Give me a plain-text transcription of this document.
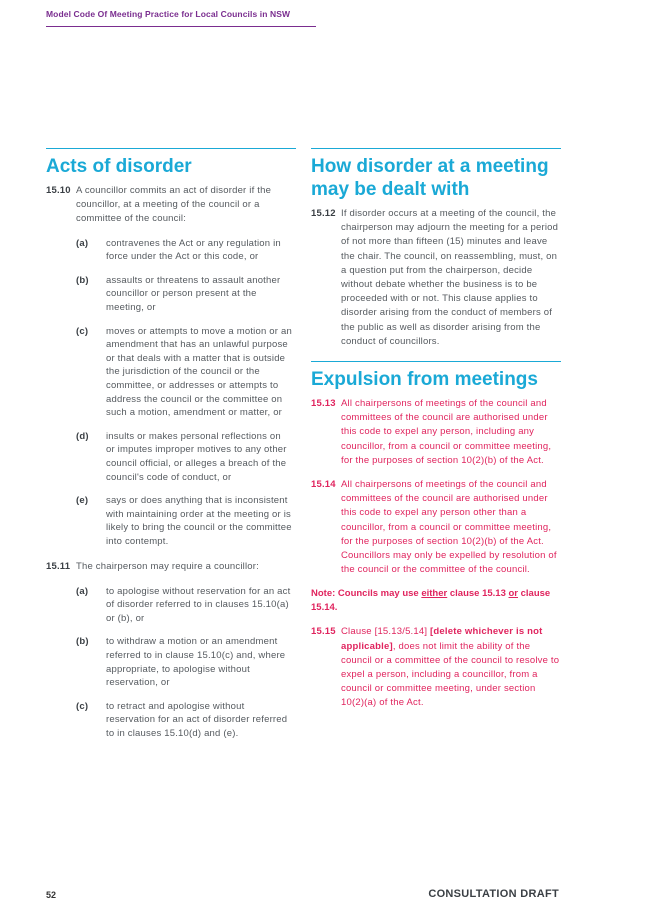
Model Code Of Meeting Practice for Local Councils in NSW
Acts of disorder
15.10 A councillor commits an act of disorder if the councillor, at a meeting of the council or a committee of the council:
(a)	contravenes the Act or any regulation in force under the Act or this code, or
(b)	assaults or threatens to assault another councillor or person present at the meeting, or
(c)	moves or attempts to move a motion or an amendment that has an unlawful purpose or that deals with a matter that is outside the jurisdiction of the council or the committee, or addresses or attempts to address the council or the committee on such a motion, amendment or matter, or
(d)	insults or makes personal reflections on or imputes improper motives to any other council official, or alleges a breach of the council's code of conduct, or
(e)	says or does anything that is inconsistent with maintaining order at the meeting or is likely to bring the council or the committee into contempt.
15.11 The chairperson may require a councillor:
(a)	to apologise without reservation for an act of disorder referred to in clauses 15.10(a) or (b), or
(b)	to withdraw a motion or an amendment referred to in clause 15.10(c) and, where appropriate, to apologise without reservation, or
(c)	to retract and apologise without reservation for an act of disorder referred to in clauses 15.10(d) and (e).
How disorder at a meeting may be dealt with
15.12 If disorder occurs at a meeting of the council, the chairperson may adjourn the meeting for a period of not more than fifteen (15) minutes and leave the chair. The council, on reassembling, must, on a question put from the chairperson, decide without debate whether the business is to be proceeded with or not. This clause applies to disorder arising from the conduct of members of the public as well as disorder arising from the conduct of councillors.
Expulsion from meetings
15.13 All chairpersons of meetings of the council and committees of the council are authorised under this code to expel any person, including any councillor, from a council or committee meeting, for the purposes of section 10(2)(b) of the Act.
15.14 All chairpersons of meetings of the council and committees of the council are authorised under this code to expel any person other than a councillor, from a council or committee meeting, for the purposes of section 10(2)(b) of the Act. Councillors may only be expelled by resolution of the council or the committee of the council.
Note: Councils may use either clause 15.13 or clause 15.14.
15.15 Clause [15.13/5.14] [delete whichever is not applicable], does not limit the ability of the council or a committee of the council to resolve to expel a person, including a councillor, from a council or committee meeting, under section 10(2)(a) of the Act.
52	CONSULTATION DRAFT
